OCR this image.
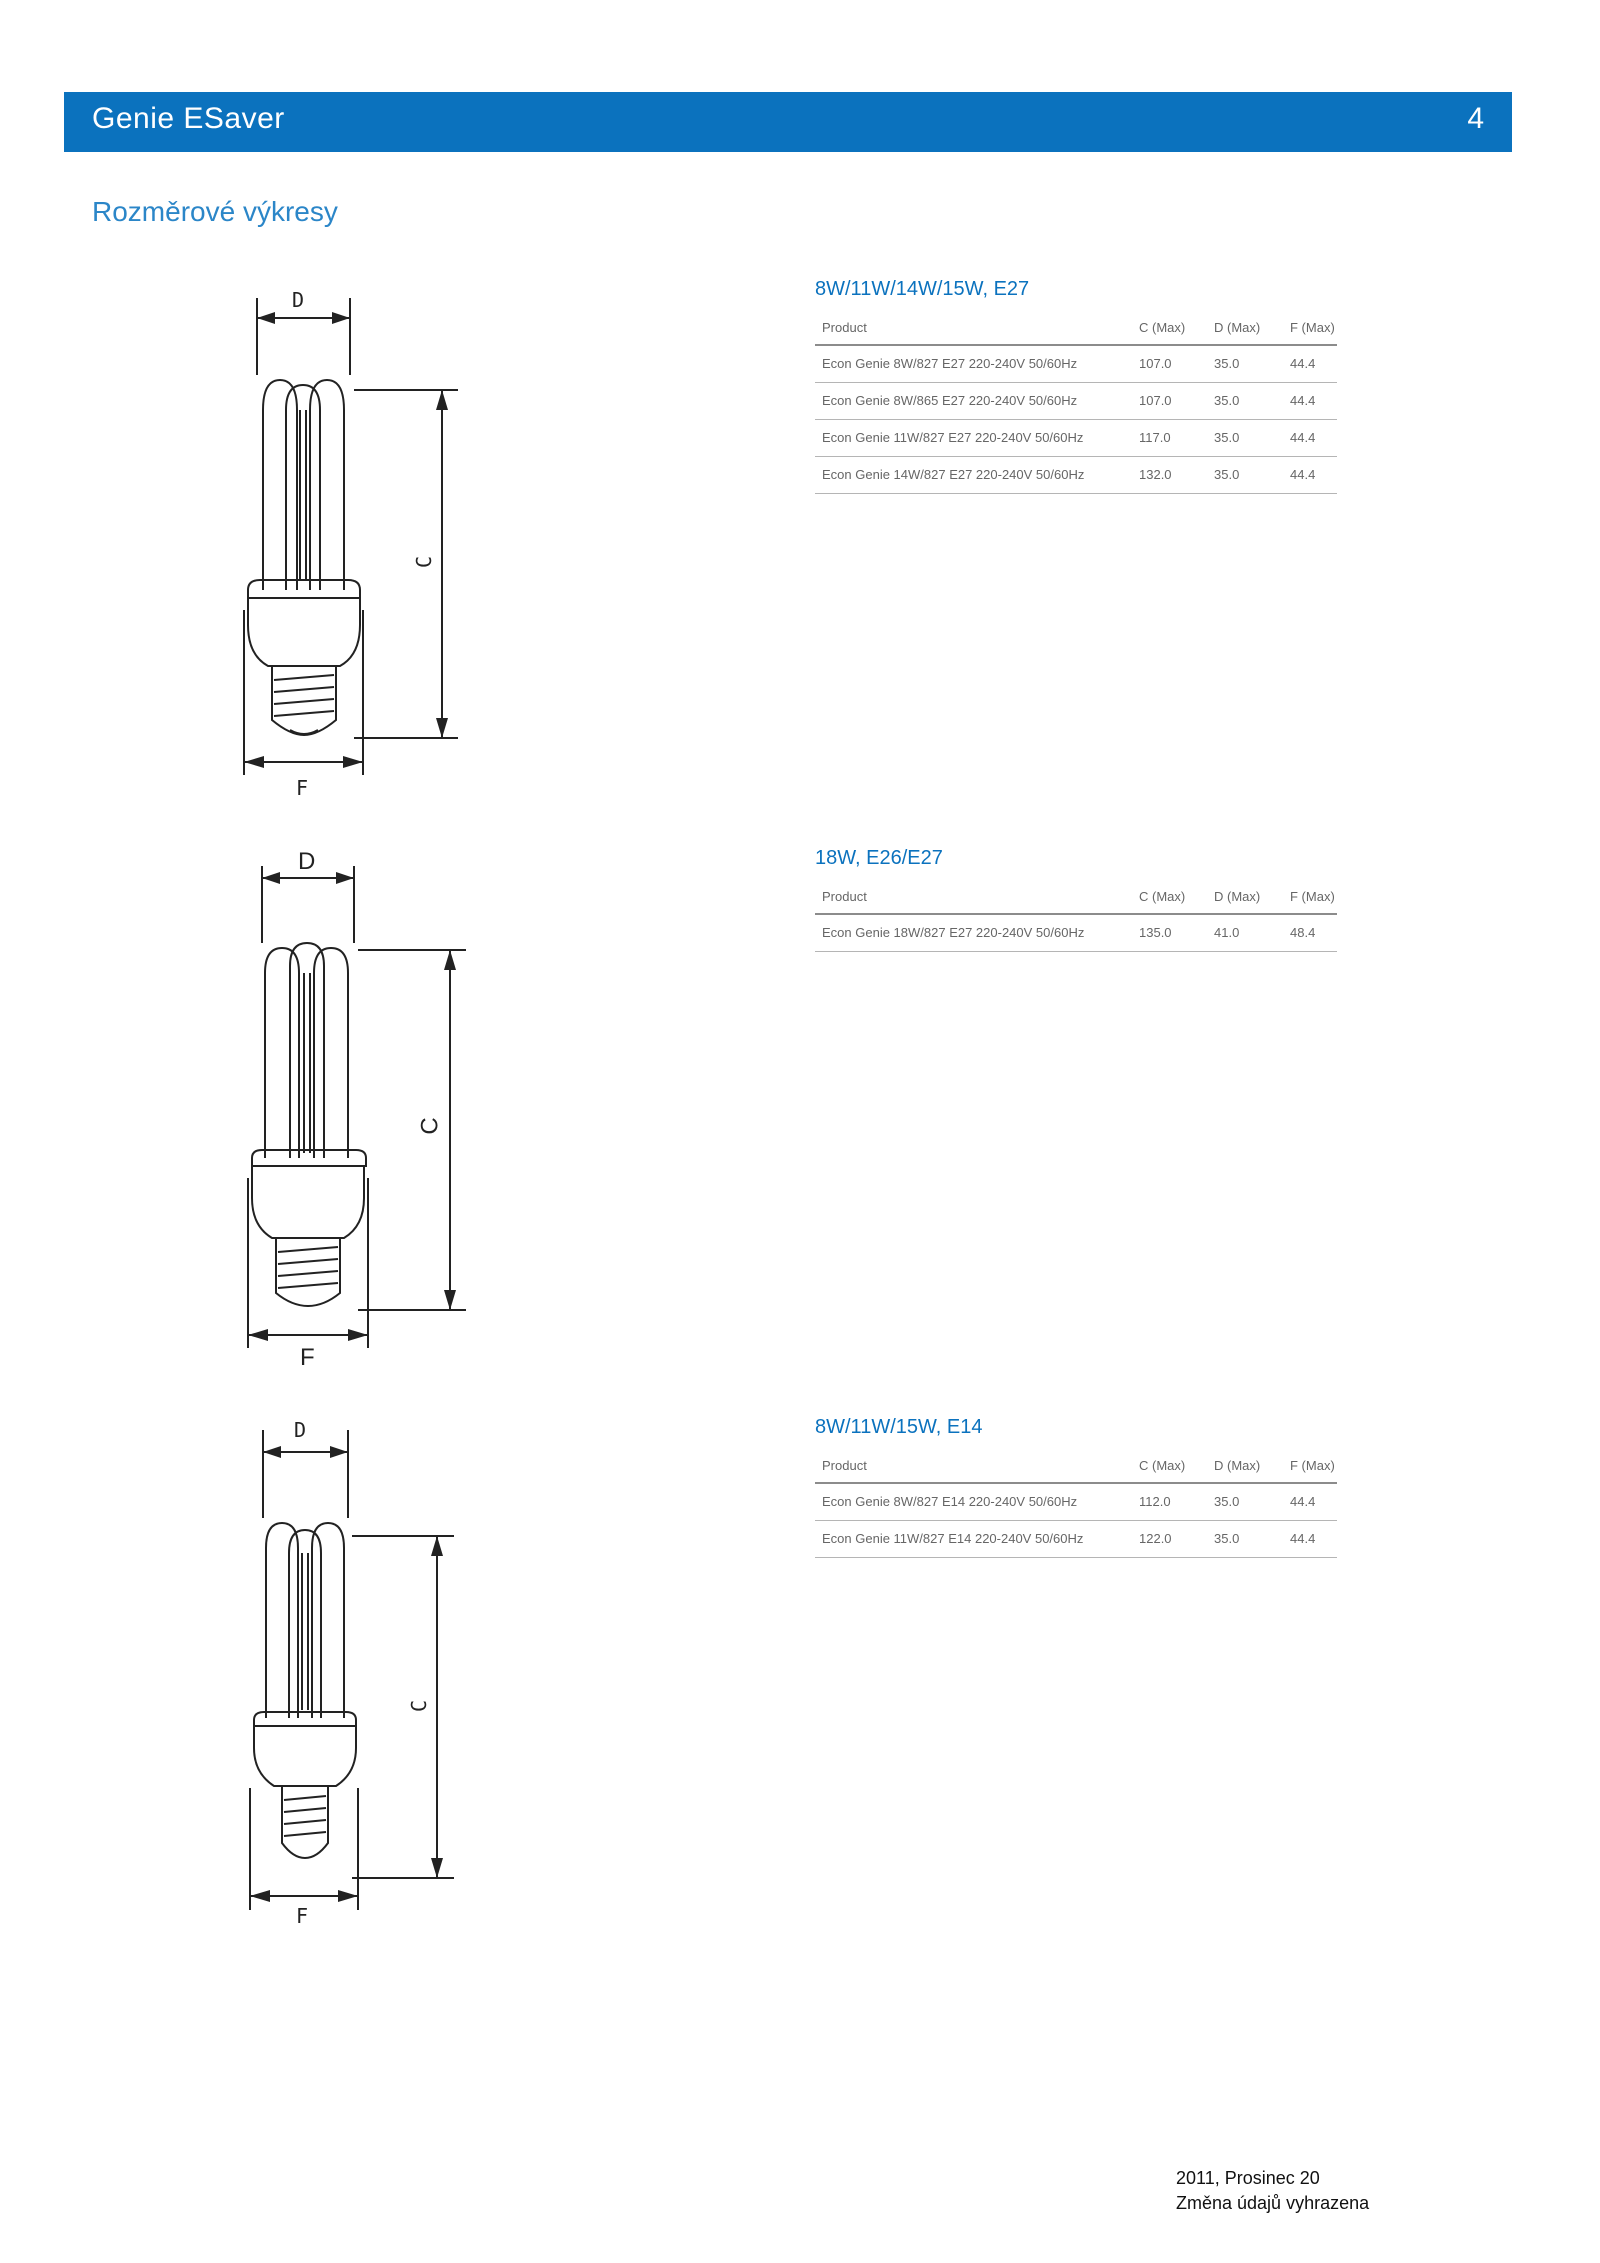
Genie ESaver	4
Rozměrové výkresy
D
C
F
D
C
F
D
C
F
8W/11W/14W/15W, E27
Product	C (Max)	D (Max)	F (Max)
Econ Genie 8W/827 E27 220-240V 50/60Hz	107.0	35.0	44.4
Econ Genie 8W/865 E27 220-240V 50/60Hz	107.0	35.0	44.4
Econ Genie 11W/827 E27 220-240V 50/60Hz	117.0	35.0	44.4
Econ Genie 14W/827 E27 220-240V 50/60Hz	132.0	35.0	44.4
18W, E26/E27
Product	C (Max)	D (Max)	F (Max)
Econ Genie 18W/827 E27 220-240V 50/60Hz	135.0	41.0	48.4
8W/11W/15W, E14
Product	C (Max)	D (Max)	F (Max)
Econ Genie 8W/827 E14 220-240V 50/60Hz	112.0	35.0	44.4
Econ Genie 11W/827 E14 220-240V 50/60Hz	122.0	35.0	44.4
2011, Prosinec 20
Změna údajů vyhrazena
